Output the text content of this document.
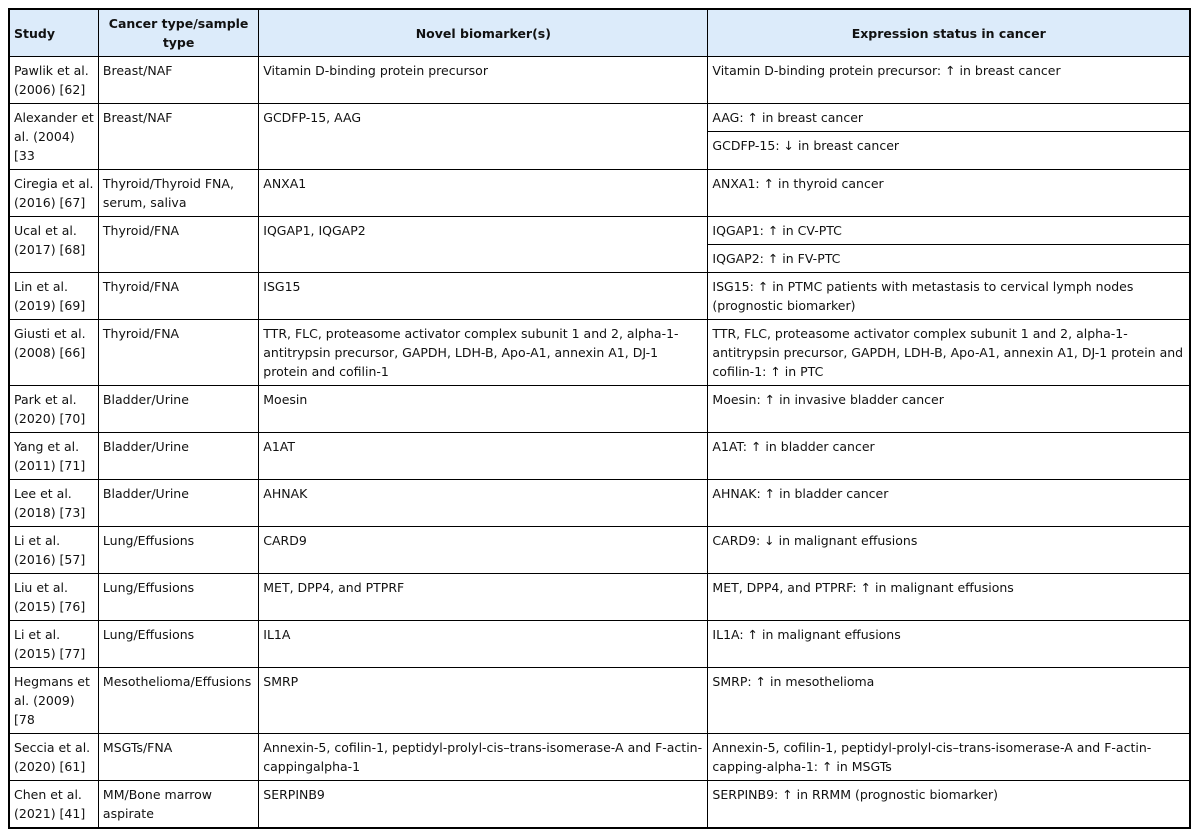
Study	Cancer type/sample type	Novel biomarker(s)	Expression status in cancer
Pawlik et al. (2006) [62]	Breast/NAF	Vitamin D-binding protein precursor	Vitamin D-binding protein precursor: ↑ in breast cancer
Alexander et al. (2004) [33	Breast/NAF	GCDFP-15, AAG	AAG: ↑ in breast cancer
GCDFP-15: ↓ in breast cancer

Ciregia et al. (2016) [67]	Thyroid/Thyroid FNA, serum, saliva	ANXA1	ANXA1: ↑ in thyroid cancer
Ucal et al. (2017) [68]	Thyroid/FNA	IQGAP1, IQGAP2	IQGAP1: ↑ in CV-PTC
IQGAP2: ↑ in FV-PTC

Lin et al. (2019) [69]	Thyroid/FNA	ISG15	ISG15: ↑ in PTMC patients with metastasis to cervical lymph nodes (prognostic biomarker)
Giusti et al. (2008) [66]	Thyroid/FNA	TTR, FLC, proteasome activator complex subunit 1 and 2, alpha-1-antitrypsin precursor, GAPDH, LDH-B, Apo-A1, annexin A1, DJ-1 protein and cofilin-1	TTR, FLC, proteasome activator complex subunit 1 and 2, alpha-1-antitrypsin precursor, GAPDH, LDH-B, Apo-A1, annexin A1, DJ-1 protein and cofilin-1: ↑ in PTC
Park et al. (2020) [70]	Bladder/Urine	Moesin	Moesin: ↑ in invasive bladder cancer
Yang et al. (2011) [71]	Bladder/Urine	A1AT	A1AT: ↑ in bladder cancer
Lee et al. (2018) [73]	Bladder/Urine	AHNAK	AHNAK: ↑ in bladder cancer
Li et al. (2016) [57]	Lung/Effusions	CARD9	CARD9: ↓ in malignant effusions
Liu et al. (2015) [76]	Lung/Effusions	MET, DPP4, and PTPRF	MET, DPP4, and PTPRF: ↑ in malignant effusions
Li et al. (2015) [77]	Lung/Effusions	IL1A	IL1A: ↑ in malignant effusions
Hegmans et al. (2009) [78	Mesothelioma/Effusions	SMRP	SMRP: ↑ in mesothelioma
Seccia et al. (2020) [61]	MSGTs/FNA	Annexin-5, cofilin-1, peptidyl-prolyl-cis–trans-isomerase-A and F-actin-cappingalpha-1	Annexin-5, cofilin-1, peptidyl-prolyl-cis–trans-isomerase-A and F-actin-capping-alpha-1: ↑ in MSGTs
Chen et al. (2021) [41]	MM/Bone marrow aspirate	SERPINB9	SERPINB9: ↑ in RRMM (prognostic biomarker)
